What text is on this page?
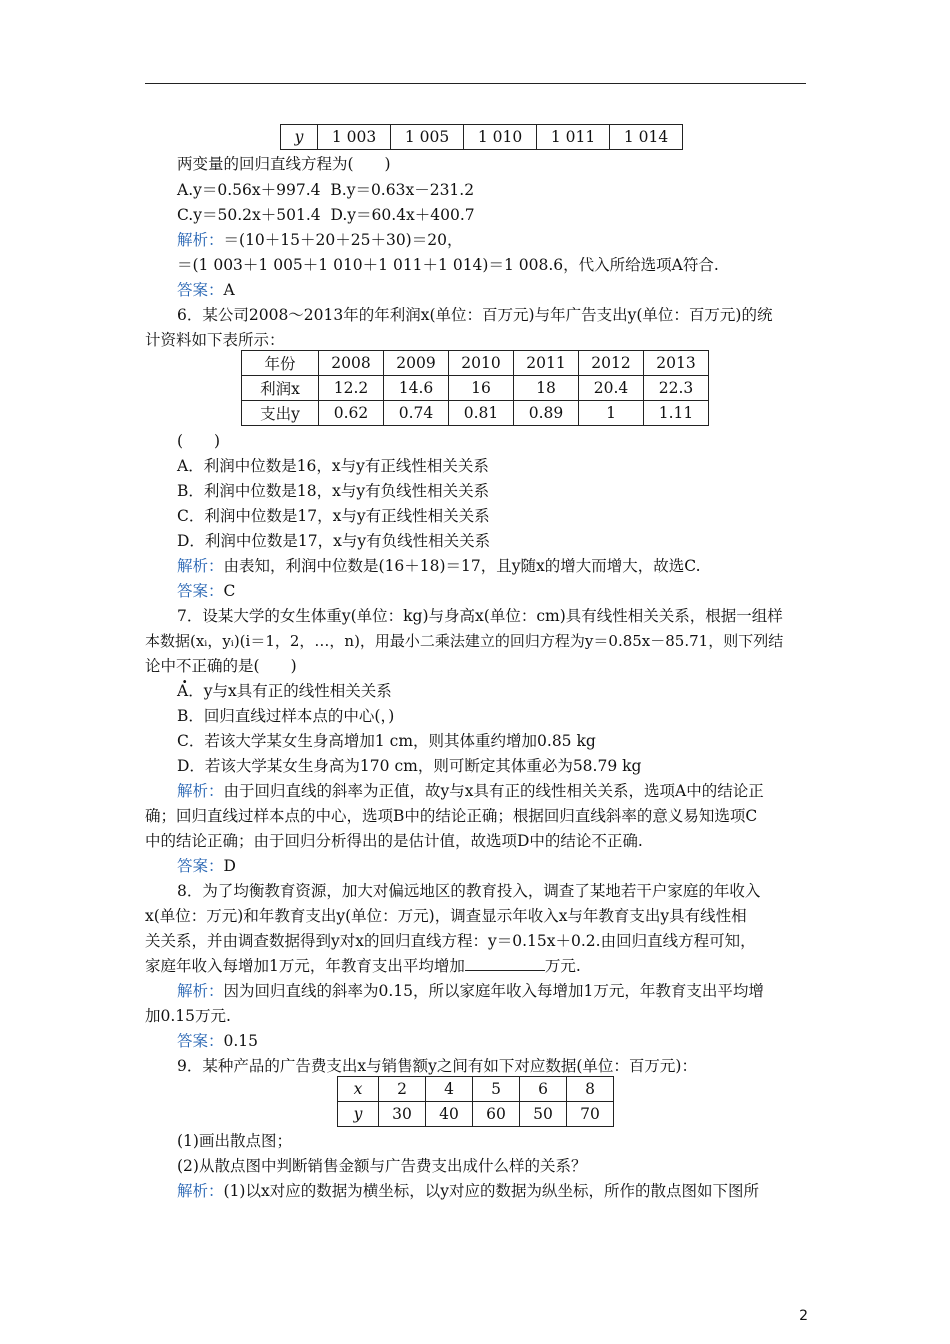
y	1 003	1 005	1 010	1 011	1 014
两变量的回归直线方程为(　　)
A.y＝0.56x＋997.4 B.y＝0.63x－231.2
C.y＝50.2x＋501.4 D.y＝60.4x＋400.7
解析：＝(10＋15＋20＋25＋30)＝20，
＝(1 003＋1 005＋1 010＋1 011＋1 014)＝1 008.6，代入所给选项A符合.
答案：A
6．某公司2008～2013年的年利润x(单位：百万元)与年广告支出y(单位：百万元)的统
计资料如下表所示：
年份	2008	2009	2010	2011	2012	2013
利润x	12.2	14.6	16	18	20.4	22.3
支出y	0.62	0.74	0.81	0.89	1	1.11
(　　)
A．利润中位数是16，x与y有正线性相关关系
B．利润中位数是18，x与y有负线性相关关系
C．利润中位数是17，x与y有正线性相关关系
D．利润中位数是17，x与y有负线性相关关系
解析：由表知，利润中位数是(16＋18)＝17，且y随x的增大而增大，故选C.
答案：C
7．设某大学的女生体重y(单位：kg)与身高x(单位：cm)具有线性相关关系，根据一组样
本数据(xᵢ，yᵢ)(i＝1，2，…，n)，用最小二乘法建立的回归方程为y＝0.85x－85.71，则下列结
论中不正确的是(　　)
A．y与x具有正的线性相关关系
B．回归直线过样本点的中心(，)
C．若该大学某女生身高增加1 cm，则其体重约增加0.85 kg
D．若该大学某女生身高为170 cm，则可断定其体重必为58.79 kg
解析：由于回归直线的斜率为正值，故y与x具有正的线性相关关系，选项A中的结论正
确；回归直线过样本点的中心，选项B中的结论正确；根据回归直线斜率的意义易知选项C
中的结论正确；由于回归分析得出的是估计值，故选项D中的结论不正确.
答案：D
8．为了均衡教育资源，加大对偏远地区的教育投入，调查了某地若干户家庭的年收入
x(单位：万元)和年教育支出y(单位：万元)，调查显示年收入x与年教育支出y具有线性相
关关系，并由调查数据得到y对x的回归直线方程：y＝0.15x＋0.2.由回归直线方程可知，
家庭年收入每增加1万元，年教育支出平均增加	万元.
解析：因为回归直线的斜率为0.15，所以家庭年收入每增加1万元，年教育支出平均增
加0.15万元.
答案：0.15
9．某种产品的广告费支出x与销售额y之间有如下对应数据(单位：百万元)：
x	2	4	5	6	8
y	30	40	60	50	70
(1)画出散点图；
(2)从散点图中判断销售金额与广告费支出成什么样的关系？
解析：(1)以x对应的数据为横坐标，以y对应的数据为纵坐标，所作的散点图如下图所
2
